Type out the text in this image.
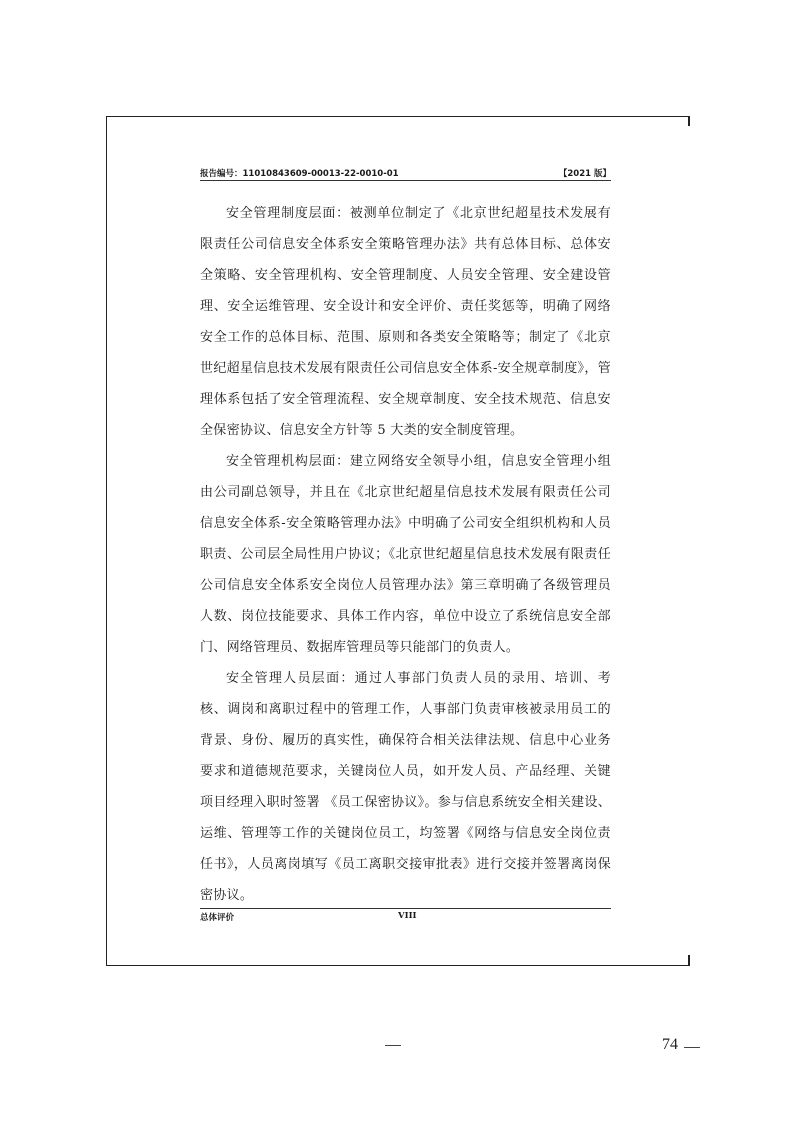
报告编号：11010843609-00013-22-0010-01	【2021 版】

安全管理制度层面：被测单位制定了《北京世纪超星技术发展有限责任公司信息安全体系安全策略管理办法》共有总体目标、总体安全策略、安全管理机构、安全管理制度、人员安全管理、安全建设管理、安全运维管理、安全设计和安全评价、责任奖惩等，明确了网络安全工作的总体目标、范围、原则和各类安全策略等；制定了《北京世纪超星信息技术发展有限责任公司信息安全体系-安全规章制度》，管理体系包括了安全管理流程、安全规章制度、安全技术规范、信息安全保密协议、信息安全方针等 5 大类的安全制度管理。

安全管理机构层面：建立网络安全领导小组，信息安全管理小组由公司副总领导，并且在《北京世纪超星信息技术发展有限责任公司信息安全体系-安全策略管理办法》中明确了公司安全组织机构和人员职责、公司层全局性用户协议；《北京世纪超星信息技术发展有限责任公司信息安全体系安全岗位人员管理办法》第三章明确了各级管理员人数、岗位技能要求、具体工作内容，单位中设立了系统信息安全部门、网络管理员、数据库管理员等只能部门的负责人。

安全管理人员层面：通过人事部门负责人员的录用、培训、考核、调岗和离职过程中的管理工作，人事部门负责审核被录用员工的背景、身份、履历的真实性，确保符合相关法律法规、信息中心业务要求和道德规范要求，关键岗位人员，如开发人员、产品经理、关键项目经理入职时签署 《员工保密协议》。参与信息系统安全相关建设、运维、管理等工作的关键岗位员工，均签署《网络与信息安全岗位责任书》，人员离岗填写《员工离职交接审批表》进行交接并签署离岗保密协议。

总体评价	VIII
74
